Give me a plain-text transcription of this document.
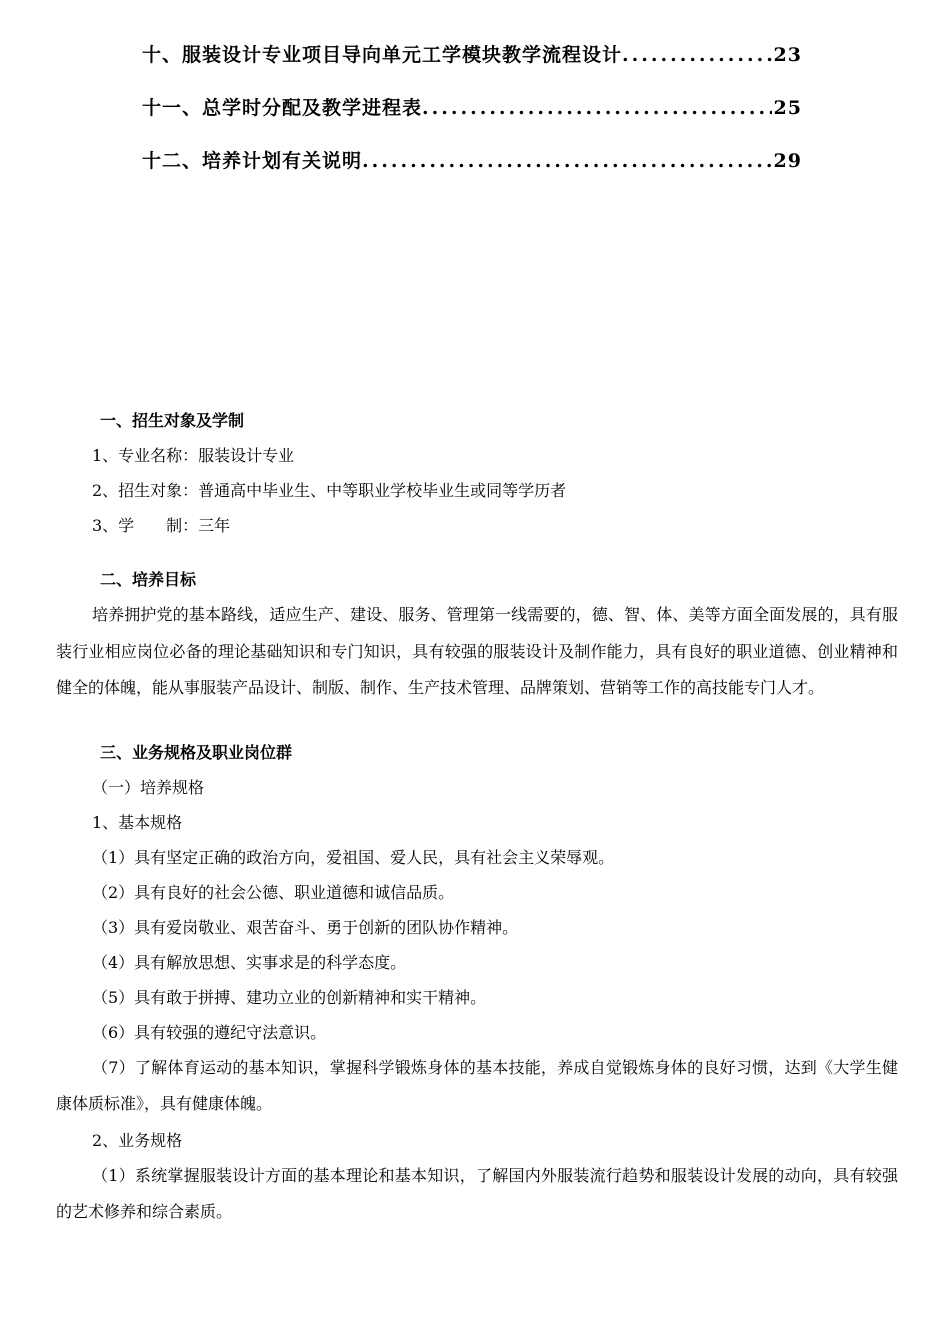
十、服装设计专业项目导向单元工学模块教学流程设计 .....	23
十一、总学时分配及教学进程表 .....	25
十二、培养计划有关说明 .....	29
一、招生对象及学制
1、专业名称：服装设计专业
2、招生对象：普通高中毕业生、中等职业学校毕业生或同等学历者
3、学　　制：三年
二、培养目标
培养拥护党的基本路线，适应生产、建设、服务、管理第一线需要的，德、智、体、美等方面全面发展的，具有服装行业相应岗位必备的理论基础知识和专门知识，具有较强的服装设计及制作能力，具有良好的职业道德、创业精神和健全的体魄，能从事服装产品设计、制版、制作、生产技术管理、品牌策划、营销等工作的高技能专门人才。
三、业务规格及职业岗位群
（一）培养规格
1、基本规格
（1）具有坚定正确的政治方向，爱祖国、爱人民，具有社会主义荣辱观。
（2）具有良好的社会公德、职业道德和诚信品质。
（3）具有爱岗敬业、艰苦奋斗、勇于创新的团队协作精神。
（4）具有解放思想、实事求是的科学态度。
（5）具有敢于拼搏、建功立业的创新精神和实干精神。
（6）具有较强的遵纪守法意识。
（7）了解体育运动的基本知识，掌握科学锻炼身体的基本技能，养成自觉锻炼身体的良好习惯，达到《大学生健康体质标准》，具有健康体魄。
2、业务规格
（1）系统掌握服装设计方面的基本理论和基本知识，了解国内外服装流行趋势和服装设计发展的动向，具有较强的艺术修养和综合素质。
